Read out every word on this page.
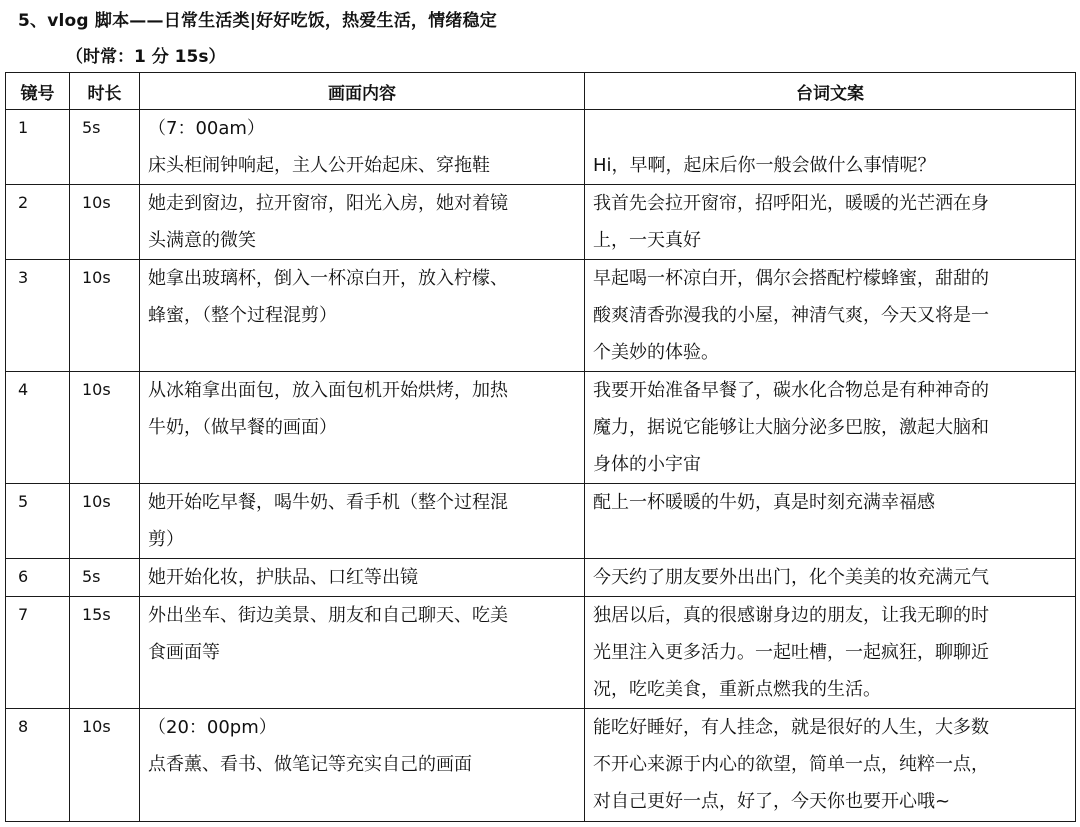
5、vlog 脚本——日常生活类|好好吃饭，热爱生活，情绪稳定
（时常：1 分 15s）
镜号	时长	画面内容	台词文案
1	5s	（7：00am）
床头柜闹钟响起，主人公开始起床、穿拖鞋	Hi，早啊，起床后你一般会做什么事情呢？

2	10s	她走到窗边，拉开窗帘，阳光入房，她对着镜
头满意的微笑	我首先会拉开窗帘，招呼阳光，暖暖的光芒洒在身
上，一天真好

3	10s	她拿出玻璃杯，倒入一杯凉白开，放入柠檬、
蜂蜜，（整个过程混剪）	早起喝一杯凉白开，偶尔会搭配柠檬蜂蜜，甜甜的
酸爽清香弥漫我的小屋，神清气爽，今天又将是一
个美妙的体验。

4	10s	从冰箱拿出面包，放入面包机开始烘烤，加热
牛奶，（做早餐的画面）	我要开始准备早餐了，碳水化合物总是有种神奇的
魔力，据说它能够让大脑分泌多巴胺，激起大脑和
身体的小宇宙

5	10s	她开始吃早餐，喝牛奶、看手机（整个过程混
剪）	配上一杯暖暖的牛奶，真是时刻充满幸福感

6	5s	她开始化妆，护肤品、口红等出镜	今天约了朋友要外出出门，化个美美的妆充满元气

7	15s	外出坐车、街边美景、朋友和自己聊天、吃美
食画面等	独居以后，真的很感谢身边的朋友，让我无聊的时
光里注入更多活力。一起吐槽，一起疯狂，聊聊近
况，吃吃美食，重新点燃我的生活。

8	10s	（20：00pm）
点香薰、看书、做笔记等充实自己的画面	能吃好睡好，有人挂念，就是很好的人生，大多数
不开心来源于内心的欲望，简单一点，纯粹一点，
对自己更好一点，好了，今天你也要开心哦~
